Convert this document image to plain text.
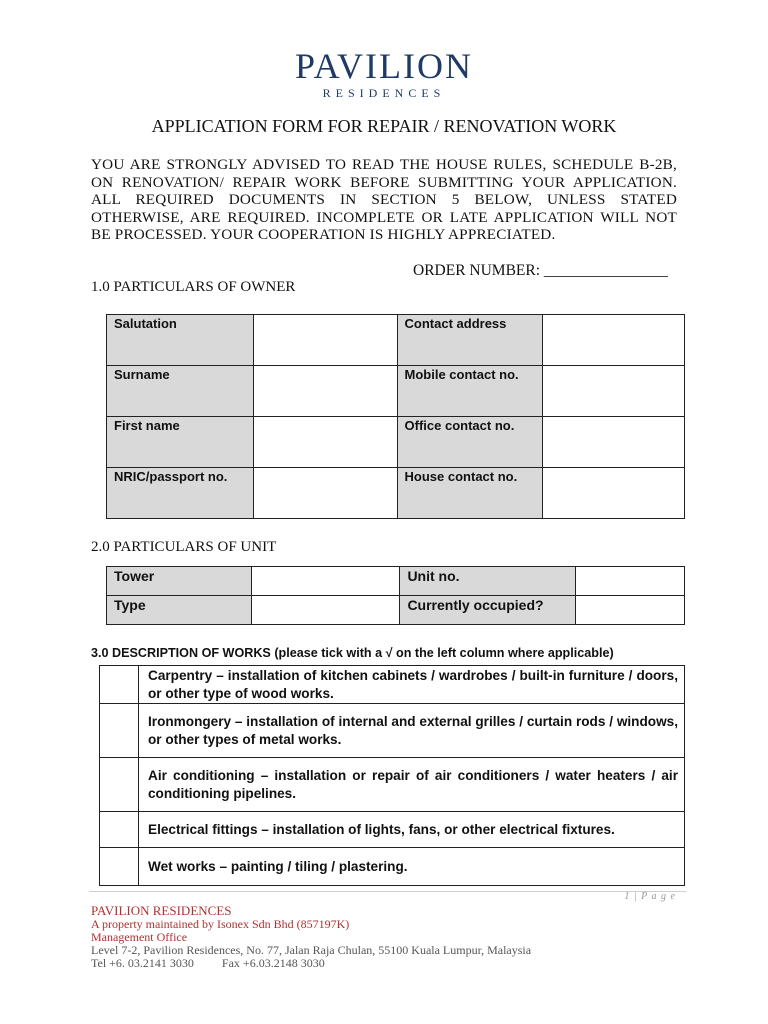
PAVILION
RESIDENCES
APPLICATION FORM FOR REPAIR / RENOVATION WORK
YOU ARE STRONGLY ADVISED TO READ THE HOUSE RULES, SCHEDULE B-2B, ON RENOVATION/ REPAIR WORK BEFORE SUBMITTING YOUR APPLICATION. ALL REQUIRED DOCUMENTS IN SECTION 5 BELOW, UNLESS STATED OTHERWISE, ARE REQUIRED. INCOMPLETE OR LATE APPLICATION WILL NOT BE PROCESSED. YOUR COOPERATION IS HIGHLY APPRECIATED.
ORDER NUMBER: ________________
1.0 PARTICULARS OF OWNER
Salutation		Contact address	
Surname		Mobile contact no.	
First name		Office contact no.	
NRIC/passport no.		House contact no.	
2.0 PARTICULARS OF UNIT
Tower		Unit no.	
Type		Currently occupied?	
3.0 DESCRIPTION OF WORKS (please tick with a √ on the left column where applicable)
	Carpentry – installation of kitchen cabinets / wardrobes / built-in furniture / doors, or other type of wood works.
	Ironmongery – installation of internal and external grilles / curtain rods / windows, or other types of metal works.
	Air conditioning – installation or repair of air conditioners / water heaters / air conditioning pipelines.
	Electrical fittings – installation of lights, fans, or other electrical fixtures.
	Wet works – painting / tiling / plastering.
1 | P a g e
PAVILION RESIDENCES
A property maintained by Isonex Sdn Bhd (857197K)
Management Office
Level 7-2, Pavilion Residences, No. 77, Jalan Raja Chulan, 55100 Kuala Lumpur, Malaysia
Tel +6. 03.2141 3030 Fax +6.03.2148 3030
